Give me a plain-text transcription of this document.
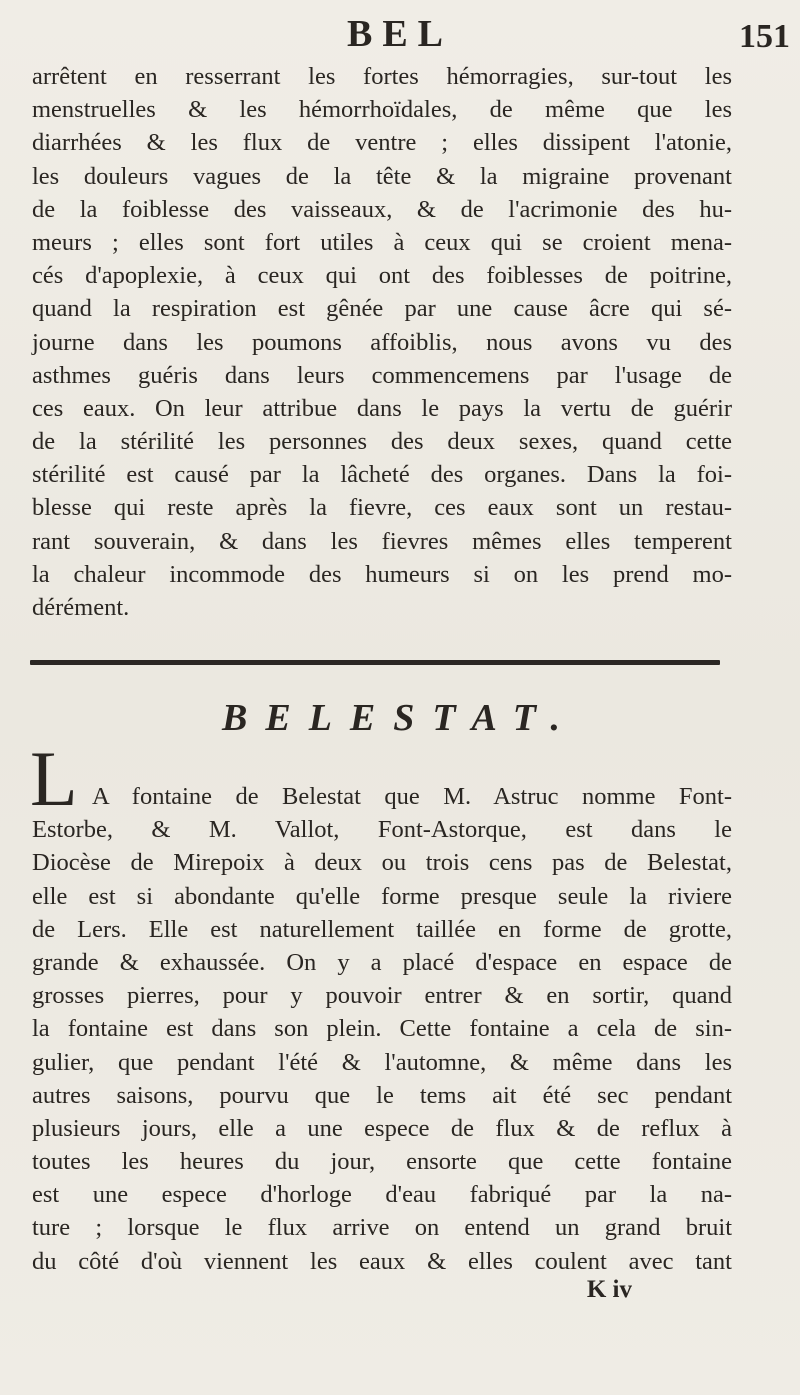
BEL	151
arrêtent en resserrant les fortes hémorragies, sur-tout les
menstruelles & les hémorrhoïdales, de même que les
diarrhées & les flux de ventre ; elles dissipent l'atonie,
les douleurs vagues de la tête & la migraine provenant
de la foiblesse des vaisseaux, & de l'acrimonie des hu-
meurs ; elles sont fort utiles à ceux qui se croient mena-
cés d'apoplexie, à ceux qui ont des foiblesses de poitrine,
quand la respiration est gênée par une cause âcre qui sé-
journe dans les poumons affoiblis, nous avons vu des
asthmes guéris dans leurs commencemens par l'usage de
ces eaux. On leur attribue dans le pays la vertu de guérir
de la stérilité les personnes des deux sexes, quand cette
stérilité est causé par la lâcheté des organes. Dans la foi-
blesse qui reste après la fievre, ces eaux sont un restau-
rant souverain, & dans les fievres mêmes elles temperent
la chaleur incommode des humeurs si on les prend mo-
dérément.
BELESTAT.
L A fontaine de Belestat que M. Astruc nomme Font-
Estorbe, & M. Vallot, Font-Astorque, est dans le
Diocèse de Mirepoix à deux ou trois cens pas de Belestat,
elle est si abondante qu'elle forme presque seule la riviere
de Lers. Elle est naturellement taillée en forme de grotte,
grande & exhaussée. On y a placé d'espace en espace de
grosses pierres, pour y pouvoir entrer & en sortir, quand
la fontaine est dans son plein. Cette fontaine a cela de sin-
gulier, que pendant l'été & l'automne, & même dans les
autres saisons, pourvu que le tems ait été sec pendant
plusieurs jours, elle a une espece de flux & de reflux à
toutes les heures du jour, ensorte que cette fontaine
est une espece d'horloge d'eau fabriqué par la na-
ture ; lorsque le flux arrive on entend un grand bruit
du côté d'où viennent les eaux & elles coulent avec tant
K iv
